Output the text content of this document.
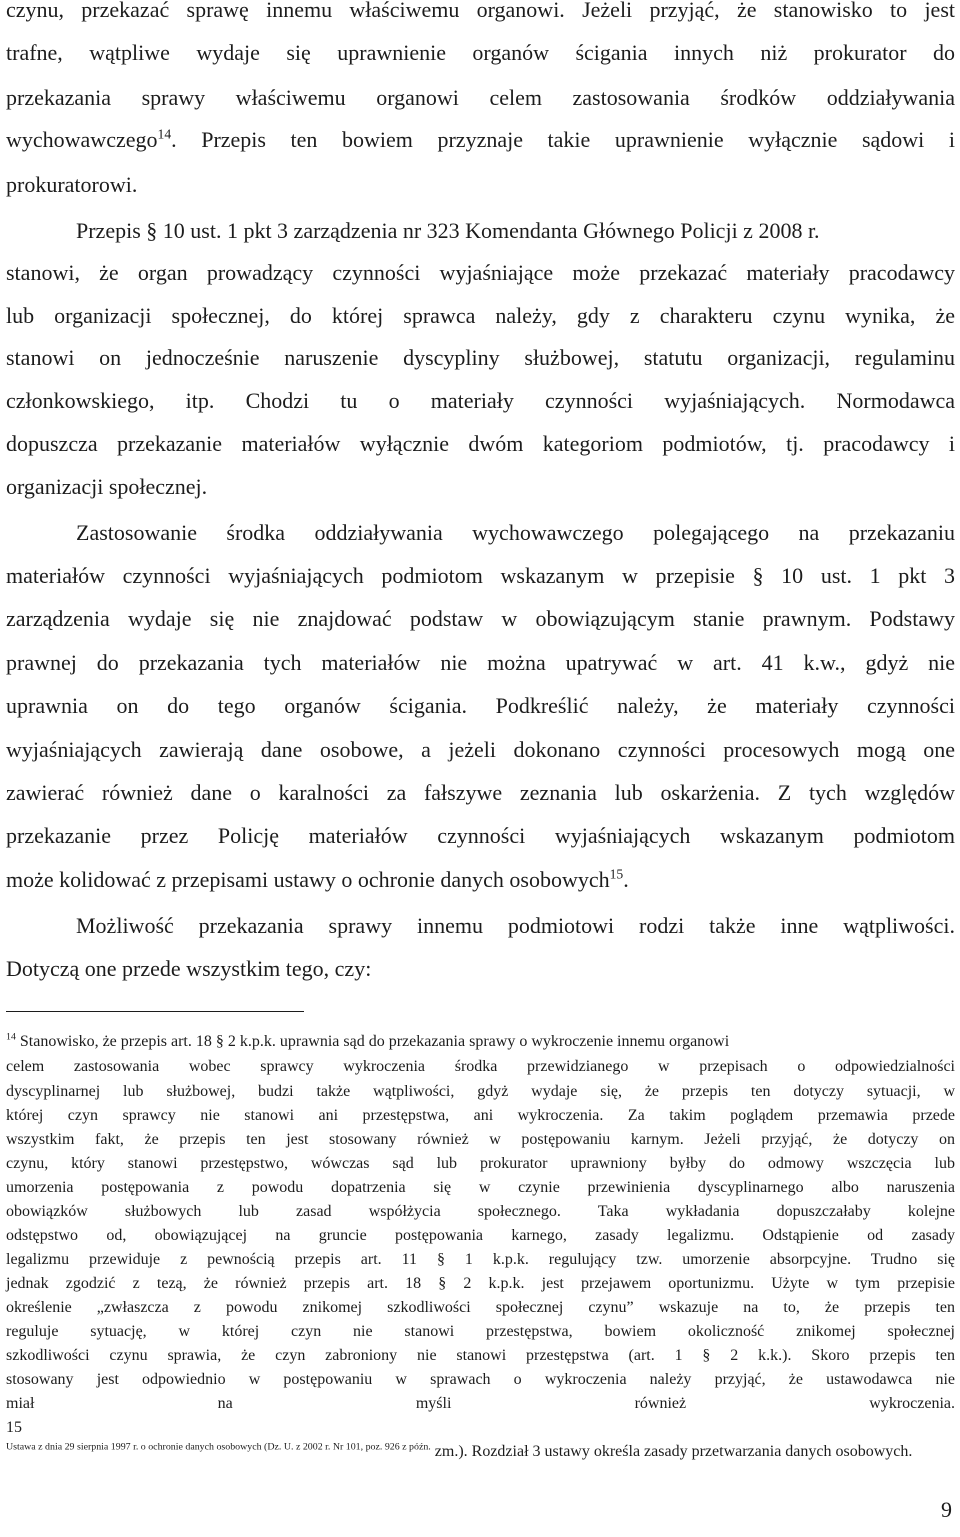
czynu, przekazać sprawę innemu właściwemu organowi. Jeżeli przyjąć, że stanowisko to jest
trafne, wątpliwe wydaje się uprawnienie organów ścigania innych niż prokurator do
przekazania sprawy właściwemu organowi celem zastosowania środków oddziaływania
wychowawczego$^{14}$. Przepis ten bowiem przyznaje takie uprawnienie wyłącznie sądowi i
prokuratorowi.
Przepis § 10 ust. 1 pkt 3 zarządzenia nr 323 Komendanta Głównego Policji z 2008 r.
stanowi, że organ prowadzący czynności wyjaśniające może przekazać materiały pracodawcy
lub organizacji społecznej, do której sprawca należy, gdy z charakteru czynu wynika, że
stanowi on jednocześnie naruszenie dyscypliny służbowej, statutu organizacji, regulaminu
członkowskiego, itp. Chodzi tu o materiały czynności wyjaśniających. Normodawca
dopuszcza przekazanie materiałów wyłącznie dwóm kategoriom podmiotów, tj. pracodawcy i
organizacji społecznej.
Zastosowanie środka oddziaływania wychowawczego polegającego na przekazaniu
materiałów czynności wyjaśniających podmiotom wskazanym w przepisie § 10 ust. 1 pkt 3
zarządzenia wydaje się nie znajdować podstaw w obowiązującym stanie prawnym. Podstawy
prawnej do przekazania tych materiałów nie można upatrywać w art. 41 k.w., gdyż nie
uprawnia on do tego organów ścigania. Podkreślić należy, że materiały czynności
wyjaśniających zawierają dane osobowe, a jeżeli dokonano czynności procesowych mogą one
zawierać również dane o karalności za fałszywe zeznania lub oskarżenia. Z tych względów
przekazanie przez Policję materiałów czynności wyjaśniających wskazanym podmiotom
może kolidować z przepisami ustawy o ochronie danych osobowych$^{15}$.
Możliwość przekazania sprawy innemu podmiotowi rodzi także inne wątpliwości.
Dotyczą one przede wszystkim tego, czy:
$^{14}$ Stanowisko, że przepis art. 18 § 2 k.p.k. uprawnia sąd do przekazania sprawy o wykroczenie innemu organowi
celem zastosowania wobec sprawcy wykroczenia środka przewidzianego w przepisach o odpowiedzialności
dyscyplinarnej lub służbowej, budzi także wątpliwości, gdyż wydaje się, że przepis ten dotyczy sytuacji, w
której czyn sprawcy nie stanowi ani przestępstwa, ani wykroczenia. Za takim poglądem przemawia przede
wszystkim fakt, że przepis ten jest stosowany również w postępowaniu karnym. Jeżeli przyjąć, że dotyczy on
czynu, który stanowi przestępstwo, wówczas sąd lub prokurator uprawniony byłby do odmowy wszczęcia lub
umorzenia postępowania z powodu dopatrzenia się w czynie przewinienia dyscyplinarnego albo naruszenia
obowiązków służbowych lub zasad współżycia społecznego. Taka wykładania dopuszczałaby kolejne
odstępstwo od, obowiązującej na gruncie postępowania karnego, zasady legalizmu. Odstąpienie od zasady
legalizmu przewiduje z pewnością przepis art. 11 § 1 k.p.k. regulujący tzw. umorzenie absorpcyjne. Trudno się
jednak zgodzić z tezą, że również przepis art. 18 § 2 k.p.k. jest przejawem oportunizmu. Użyte w tym przepisie
określenie „zwłaszcza z powodu znikomej szkodliwości społecznej czynu” wskazuje na to, że przepis ten
reguluje sytuację, w której czyn nie stanowi przestępstwa, bowiem okoliczność znikomej społecznej
szkodliwości czynu sprawia, że czyn zabroniony nie stanowi przestępstwa (art. 1 § 2 k.k.). Skoro przepis ten
stosowany jest odpowiednio w postępowaniu w sprawach o wykroczenia należy przyjąć, że ustawodawca nie
miał na myśli również wykroczenia.
15
$^{Ustawa z dnia 29 sierpnia 1997 r. o ochronie danych osobowych (Dz. U. z 2002 r. Nr 101, poz. 926 z późn.}$ zm.). Rozdział 3 ustawy określa zasady przetwarzania danych osobowych.
9
